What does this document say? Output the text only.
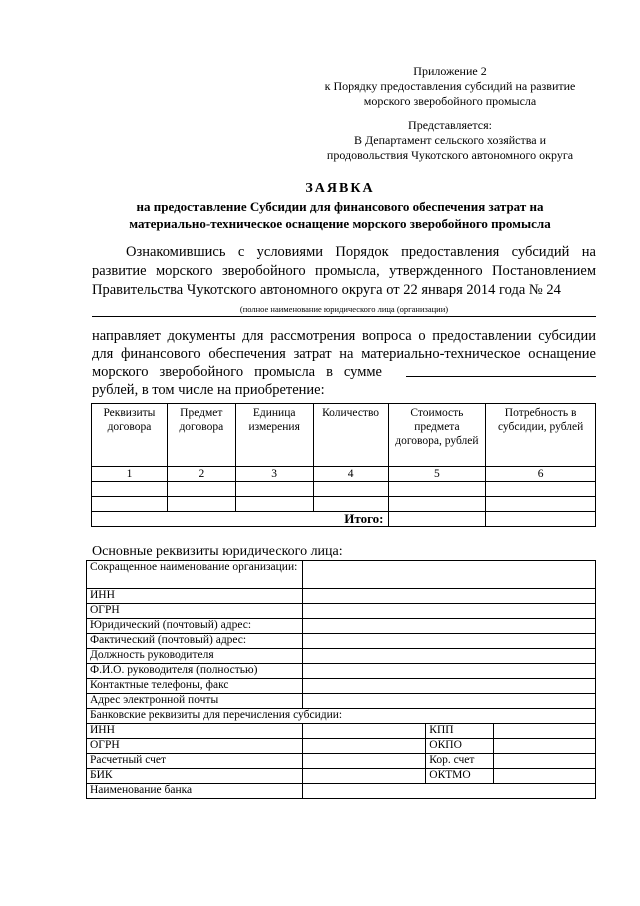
Приложение 2
к Порядку предоставления субсидий на развитие
морского зверобойного промысла
Представляется:
В Департамент сельского хозяйства и
продовольствия Чукотского автономного округа
ЗАЯВКА
на предоставление Субсидии для финансового обеспечения затрат на
материально-техническое оснащение морского зверобойного промысла
Ознакомившись с условиями Порядок предоставления субсидий на
развитие морского зверобойного промысла, утвержденного Постановлением
Правительства Чукотского автономного округа от 22 января 2014 года № 24
(полное наименование юридического лица (организации)
направляет документы для рассмотрения вопроса о предоставлении субсидии
для финансового обеспечения затрат на материально-техническое оснащение
морского зверобойного промысла в сумме
рублей, в том числе на приобретение:
Реквизиты договора	Предмет договора	Единица измерения	Количество	Стоимость предмета договора, рублей	Потребность в субсидии, рублей
1	2	3	4	5	6

Итого:					
Основные реквизиты юридического лица:
Сокращенное наименование организации:			
ИНН			
ОГРН			
Юридический (почтовый) адрес:			
Фактический (почтовый) адрес:			
Должность руководителя			
Ф.И.О. руководителя (полностью)			
Контактные телефоны, факс			
Адрес электронной почты			
Банковские реквизиты для перечисления субсидии:			
ИНН		КПП	
ОГРН		ОКПО	
Расчетный счет		Кор. счет	
БИК		ОКТМО	
Наименование банка			
